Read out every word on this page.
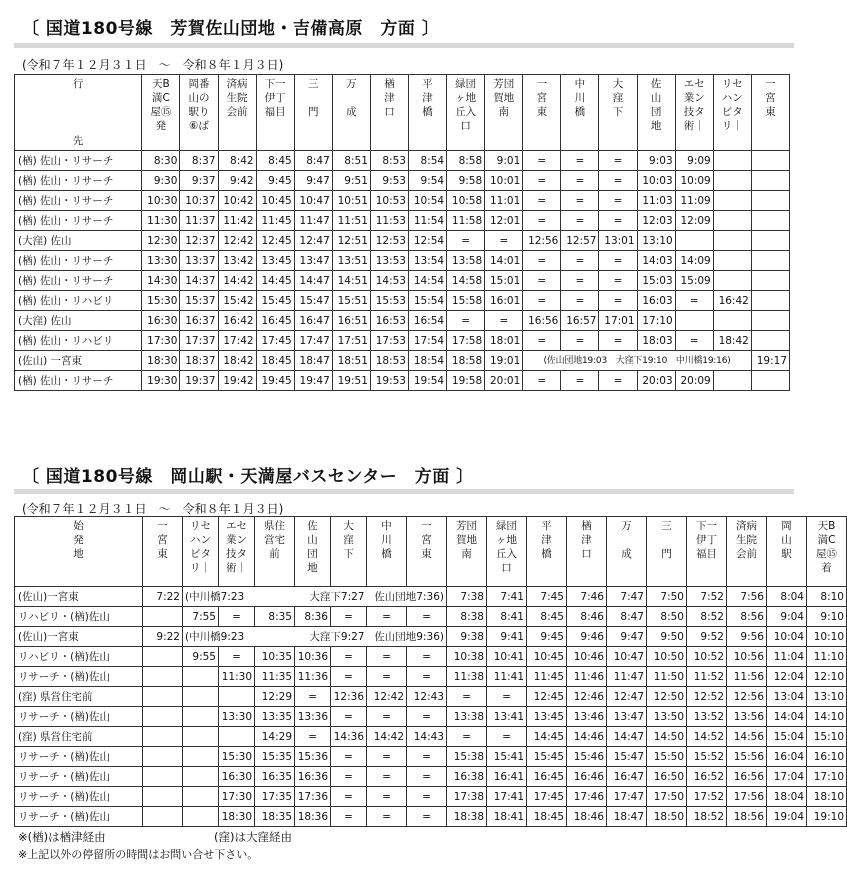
〔 国道180号線　芳賀佐山団地・吉備高原　方面 〕
(令和７年１２月３１日　～　令和８年１月３日)
行
先	天B
満C
屋⑮
発	岡番
山の
駅り
⑥ば	済病
生院
会前	下一
伊丁
福目	三

門	万

成	楢
津
口	平
津
橋	緑団
ヶ地
丘入
口	芳団
賀地
南	一
宮
東	中
川
橋	大
窪
下	佐
山
団
地	エセ
業ン
技タ
術｜	リセ
ハン
ビタ
リ｜	一
宮
東
(楢) 佐山・リサーチ	8:30	8:37	8:42	8:45	8:47	8:51	8:53	8:54	8:58	9:01	=	=	=	9:03	9:09		
(楢) 佐山・リサーチ	9:30	9:37	9:42	9:45	9:47	9:51	9:53	9:54	9:58	10:01	=	=	=	10:03	10:09		
(楢) 佐山・リサーチ	10:30	10:37	10:42	10:45	10:47	10:51	10:53	10:54	10:58	11:01	=	=	=	11:03	11:09		
(楢) 佐山・リサーチ	11:30	11:37	11:42	11:45	11:47	11:51	11:53	11:54	11:58	12:01	=	=	=	12:03	12:09		
(大窪) 佐山	12:30	12:37	12:42	12:45	12:47	12:51	12:53	12:54	=	=	12:56	12:57	13:01	13:10			
(楢) 佐山・リサーチ	13:30	13:37	13:42	13:45	13:47	13:51	13:53	13:54	13:58	14:01	=	=	=	14:03	14:09		
(楢) 佐山・リサーチ	14:30	14:37	14:42	14:45	14:47	14:51	14:53	14:54	14:58	15:01	=	=	=	15:03	15:09		
(楢) 佐山・リハビリ	15:30	15:37	15:42	15:45	15:47	15:51	15:53	15:54	15:58	16:01	=	=	=	16:03	=	16:42	
(大窪) 佐山	16:30	16:37	16:42	16:45	16:47	16:51	16:53	16:54	=	=	16:56	16:57	17:01	17:10			
(楢) 佐山・リハビリ	17:30	17:37	17:42	17:45	17:47	17:51	17:53	17:54	17:58	18:01	=	=	=	18:03	=	18:42	
(佐山) 一宮東	18:30	18:37	18:42	18:45	18:47	18:51	18:53	18:54	18:58	19:01	(佐山団地19:03　大窪下19:10　中川橋19:16)						19:17
(楢) 佐山・リサーチ	19:30	19:37	19:42	19:45	19:47	19:51	19:53	19:54	19:58	20:01	=	=	=	20:03	20:09		
〔 国道180号線　岡山駅・天満屋バスセンター　方面 〕
(令和７年１２月３１日　～　令和８年１月３日)
始
発
地	一
宮
東	リセ
ハン
ビタ
リ｜	エセ
業ン
技タ
術｜	県住
営宅
前	佐
山
団
地	大
窪
下	中
川
橋	一
宮
東	芳団
賀地
南	緑団
ヶ地
丘入
口	平
津
橋	楢
津
口	万

成	三

門	下一
伊丁
福目	済病
生院
会前	岡
山
駅	天B
満C
屋⑮
着
(佐山)一宮東	7:22	(中川橋7:23			大窪下7:27		佐山団地7:36)		7:38	7:41	7:45	7:46	7:47	7:50	7:52	7:56	8:04	8:10
リハビリ・(楢)佐山		7:55	=	8:35	8:36	=	=	=	8:38	8:41	8:45	8:46	8:47	8:50	8:52	8:56	9:04	9:10
(佐山)一宮東	9:22	(中川橋9:23			大窪下9:27		佐山団地9:36)		9:38	9:41	9:45	9:46	9:47	9:50	9:52	9:56	10:04	10:10
リハビリ・(楢)佐山		9:55	=	10:35	10:36	=	=	=	10:38	10:41	10:45	10:46	10:47	10:50	10:52	10:56	11:04	11:10
リサーチ・(楢)佐山			11:30	11:35	11:36	=	=	=	11:38	11:41	11:45	11:46	11:47	11:50	11:52	11:56	12:04	12:10
(窪) 県営住宅前				12:29	=	12:36	12:42	12:43	=	=	12:45	12:46	12:47	12:50	12:52	12:56	13:04	13:10
リサーチ・(楢)佐山			13:30	13:35	13:36	=	=	=	13:38	13:41	13:45	13:46	13:47	13:50	13:52	13:56	14:04	14:10
(窪) 県営住宅前				14:29	=	14:36	14:42	14:43	=	=	14:45	14:46	14:47	14:50	14:52	14:56	15:04	15:10
リサーチ・(楢)佐山			15:30	15:35	15:36	=	=	=	15:38	15:41	15:45	15:46	15:47	15:50	15:52	15:56	16:04	16:10
リサーチ・(楢)佐山			16:30	16:35	16:36	=	=	=	16:38	16:41	16:45	16:46	16:47	16:50	16:52	16:56	17:04	17:10
リサーチ・(楢)佐山			17:30	17:35	17:36	=	=	=	17:38	17:41	17:45	17:46	17:47	17:50	17:52	17:56	18:04	18:10
リサーチ・(楢)佐山			18:30	18:35	18:36	=	=	=	18:38	18:41	18:45	18:46	18:47	18:50	18:52	18:56	19:04	19:10
※(楢)は楢津経由	(窪)は大窪経由
※上記以外の停留所の時間はお問い合せ下さい。
